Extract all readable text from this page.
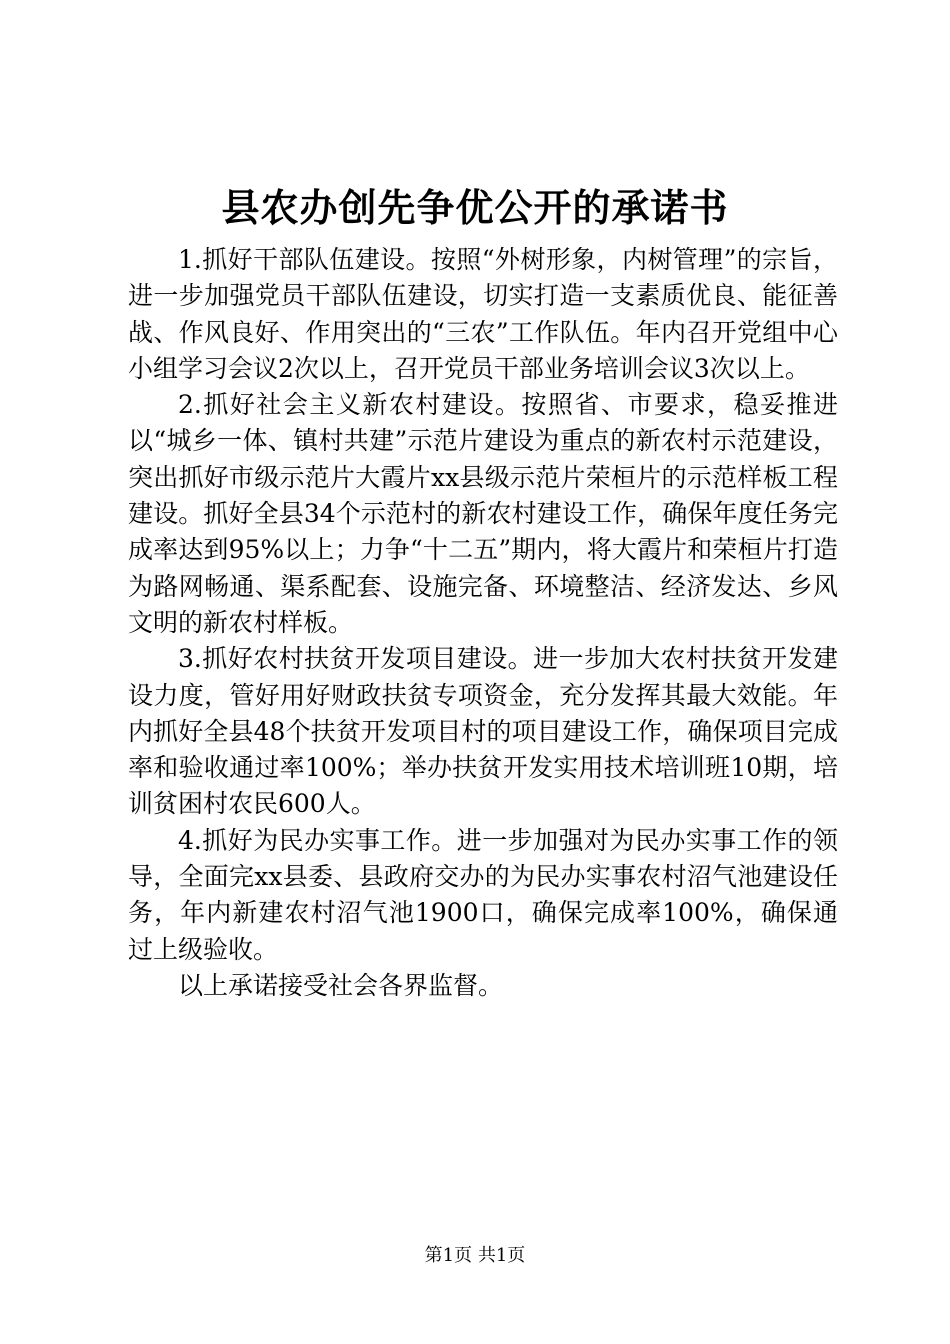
县农办创先争优公开的承诺书

1.抓好干部队伍建设。按照“外树形象，内树管理”的宗旨，进一步加强党员干部队伍建设，切实打造一支素质优良、能征善战、作风良好、作用突出的“三农”工作队伍。年内召开党组中心小组学习会议2次以上，召开党员干部业务培训会议3次以上。

2.抓好社会主义新农村建设。按照省、市要求，稳妥推进以“城乡一体、镇村共建”示范片建设为重点的新农村示范建设，突出抓好市级示范片大霞片xx县级示范片荣桓片的示范样板工程建设。抓好全县34个示范村的新农村建设工作，确保年度任务完成率达到95%以上；力争“十二五”期内，将大霞片和荣桓片打造为路网畅通、渠系配套、设施完备、环境整洁、经济发达、乡风文明的新农村样板。

3.抓好农村扶贫开发项目建设。进一步加大农村扶贫开发建设力度，管好用好财政扶贫专项资金，充分发挥其最大效能。年内抓好全县48个扶贫开发项目村的项目建设工作，确保项目完成率和验收通过率100%；举办扶贫开发实用技术培训班10期，培训贫困村农民600人。

4.抓好为民办实事工作。进一步加强对为民办实事工作的领导，全面完xx县委、县政府交办的为民办实事农村沼气池建设任务，年内新建农村沼气池1900口，确保完成率100%，确保通过上级验收。

以上承诺接受社会各界监督。

第1页 共1页
